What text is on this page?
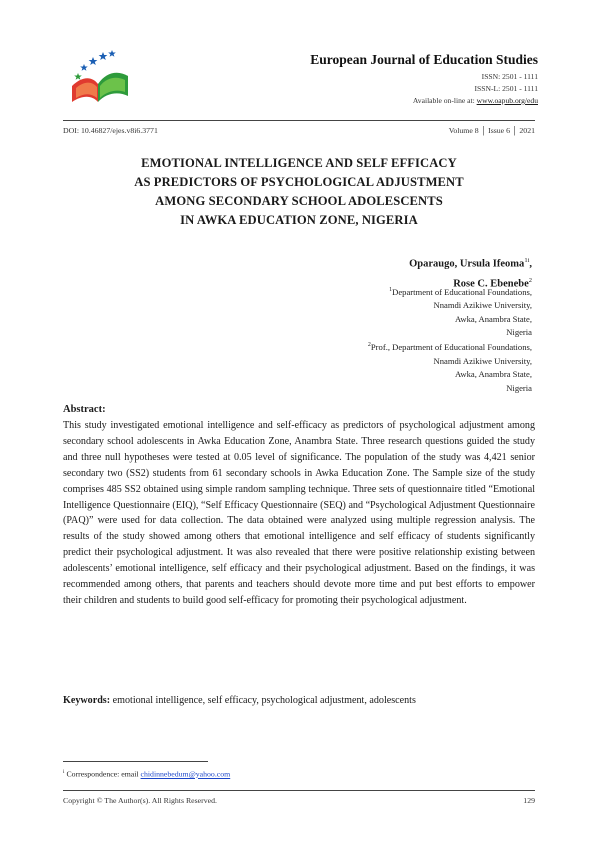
European Journal of Education Studies
ISSN: 2501 - 1111
ISSN-L: 2501 - 1111
Available on-line at: www.oapub.org/edu
DOI: 10.46827/ejes.v8i6.3771	Volume 8 │ Issue 6 │ 2021
EMOTIONAL INTELLIGENCE AND SELF EFFICACY
AS PREDICTORS OF PSYCHOLOGICAL ADJUSTMENT
AMONG SECONDARY SCHOOL ADOLESCENTS
IN AWKA EDUCATION ZONE, NIGERIA
Oparaugo, Ursula Ifeoma$^{1i}$,
Rose C. Ebenebe$^2$
$^1$Department of Educational Foundations,
Nnamdi Azikiwe University,
Awka, Anambra State,
Nigeria
$^2$Prof., Department of Educational Foundations,
Nnamdi Azikiwe University,
Awka, Anambra State,
Nigeria
Abstract:
This study investigated emotional intelligence and self-efficacy as predictors of psychological adjustment among secondary school adolescents in Awka Education Zone, Anambra State. Three research questions guided the study and three null hypotheses were tested at 0.05 level of significance. The population of the study was 4,421 senior secondary two (SS2) students from 61 secondary schools in Awka Education Zone. The Sample size of the study comprises 485 SS2 obtained using simple random sampling technique. Three sets of questionnaire titled “Emotional Intelligence Questionnaire (EIQ), “Self Efficacy Questionnaire (SEQ) and “Psychological Adjustment Questionnaire (PAQ)” were used for data collection. The data obtained were analyzed using multiple regression analysis. The results of the study showed among others that emotional intelligence and self efficacy of students significantly predict their psychological adjustment. It was also revealed that there were positive relationship existing between adolescents’ emotional intelligence, self efficacy and their psychological adjustment. Based on the findings, it was recommended among others, that parents and teachers should devote more time and put best efforts to empower their children and students to build good self-efficacy for promoting their psychological adjustment.
Keywords: emotional intelligence, self efficacy, psychological adjustment, adolescents
$^i$ Correspondence: email chidinnebedum@yahoo.com
Copyright © The Author(s). All Rights Reserved.	129
